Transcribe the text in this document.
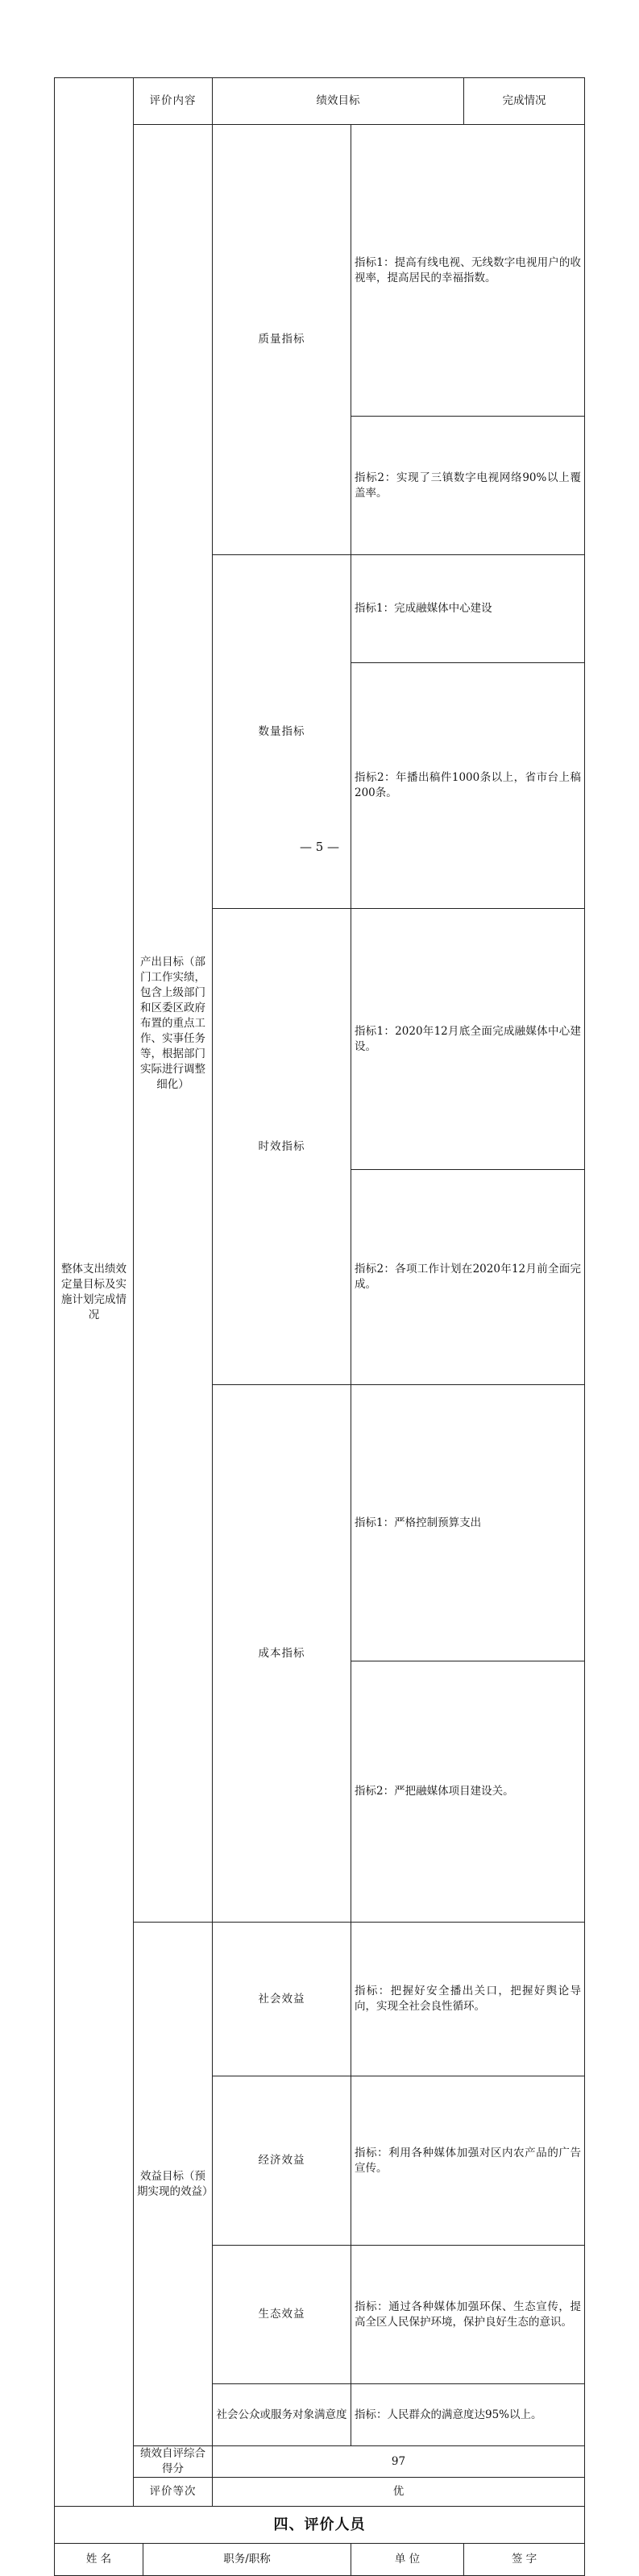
整体支出绩效定量目标及实施计划完成情况	评价内容		绩效目标		完成情况	
	产出目标（部门工作实绩，包含上级部门和区委区政府布置的重点工作、实事任务等，根据部门实际进行调整细化）		质量指标	指标1：提高有线电视、无线数字电视用户的收视率，提高居民的幸福指数。	
				指标2：实现了三镇数字电视网络90%以上覆盖率。	
			数量指标	指标1：完成融媒体中心建设	
				指标2：年播出稿件1000条以上，省市台上稿200条。	
			时效指标	指标1：2020年12月底全面完成融媒体中心建设。	
				指标2：各项工作计划在2020年12月前全面完成。	
			成本指标	指标1：严格控制预算支出	
				指标2：严把融媒体项目建设关。	
	效益目标（预期实现的效益）		社会效益	指标：把握好安全播出关口，把握好舆论导向，实现全社会良性循环。	
			经济效益	指标：利用各种媒体加强对区内农产品的广告宣传。	
			生态效益	指标：通过各种媒体加强环保、生态宣传，提高全区人民保护环境，保护良好生态的意识。	
			社会公众或服务对象满意度	指标：人民群众的满意度达95%以上。	
	绩效自评综合得分		97			
	评价等次		优			

四、评价人员						
姓 名		职务/职称		单 位	签 字	
— 5 —
